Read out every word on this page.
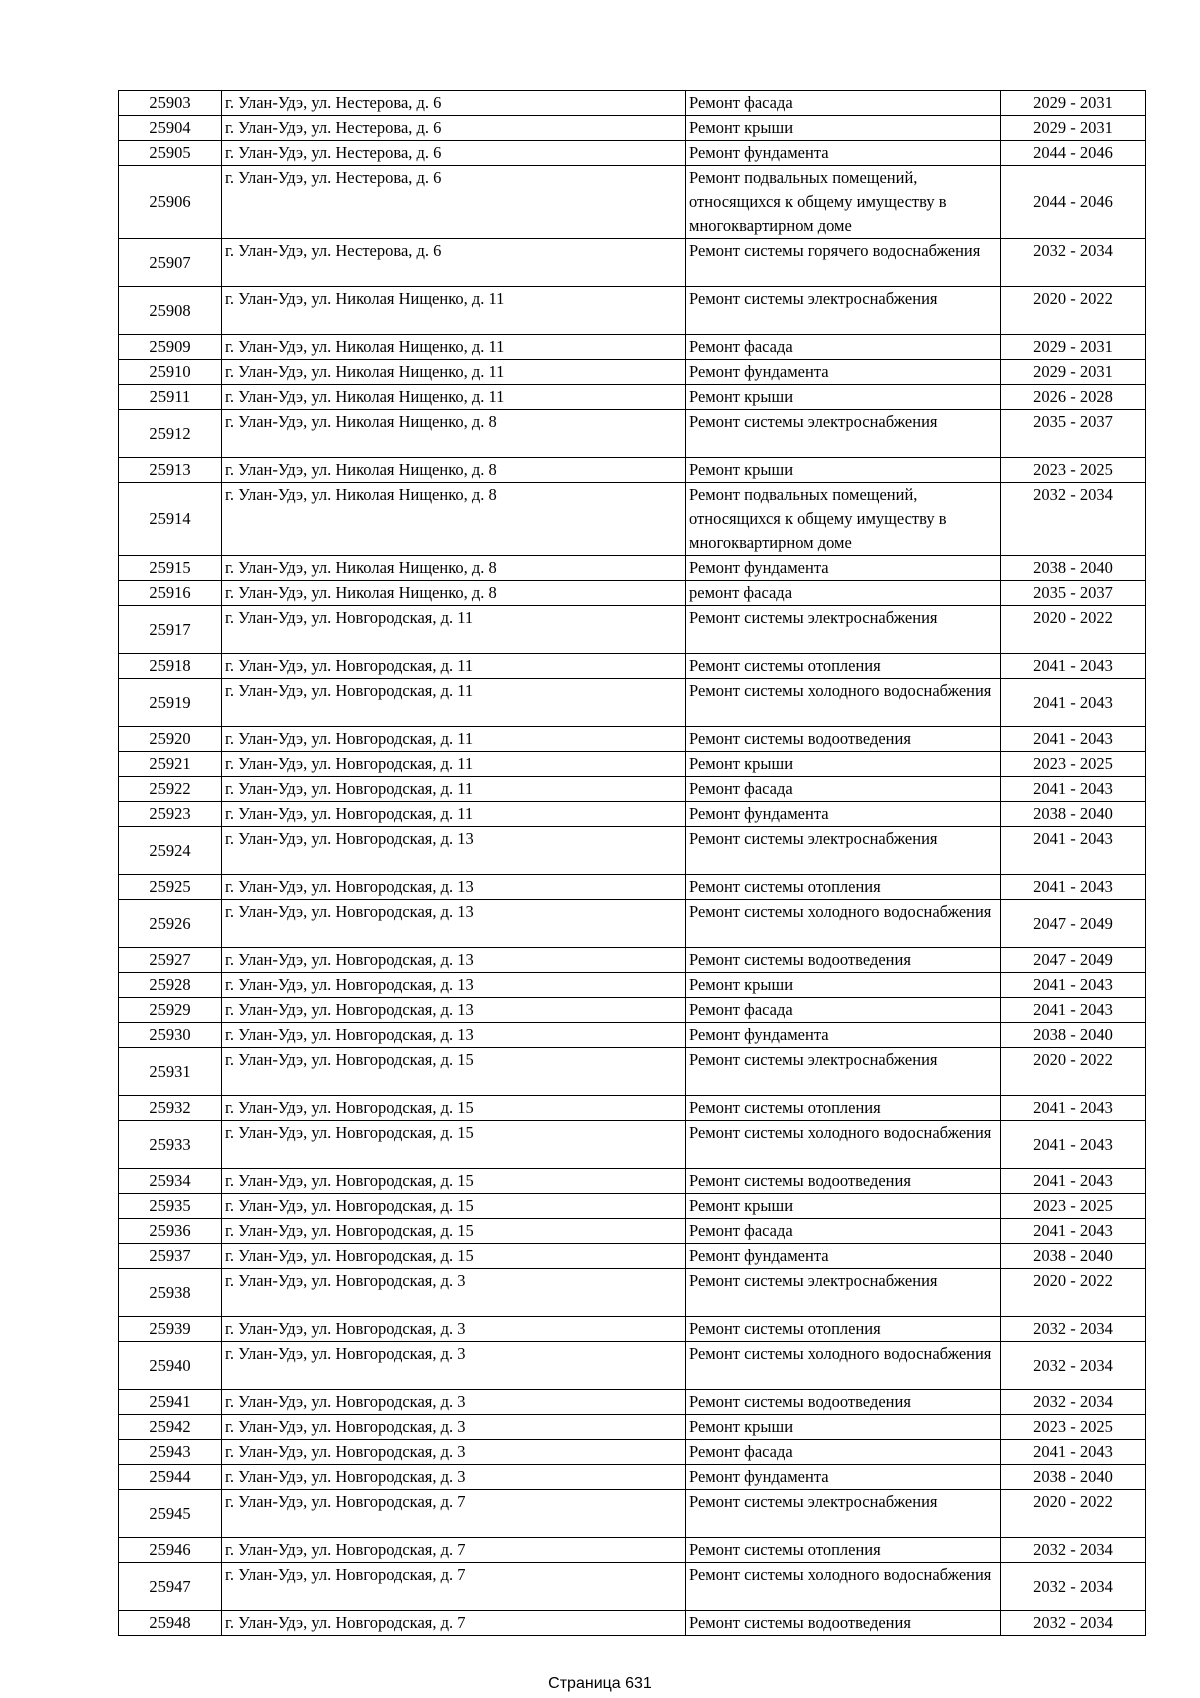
25903	г. Улан-Удэ, ул. Нестерова, д. 6	Ремонт фасада	2029 - 2031
25904	г. Улан-Удэ, ул. Нестерова, д. 6	Ремонт крыши	2029 - 2031
25905	г. Улан-Удэ, ул. Нестерова, д. 6	Ремонт фундамента	2044 - 2046
25906	г. Улан-Удэ, ул. Нестерова, д. 6	Ремонт подвальных помещений, относящихся к общему имуществу в многоквартирном доме	2044 - 2046
25907	г. Улан-Удэ, ул. Нестерова, д. 6	Ремонт системы горячего водоснабжения	2032 - 2034
25908	г. Улан-Удэ, ул. Николая Нищенко, д. 11	Ремонт системы электроснабжения	2020 - 2022
25909	г. Улан-Удэ, ул. Николая Нищенко, д. 11	Ремонт фасада	2029 - 2031
25910	г. Улан-Удэ, ул. Николая Нищенко, д. 11	Ремонт фундамента	2029 - 2031
25911	г. Улан-Удэ, ул. Николая Нищенко, д. 11	Ремонт крыши	2026 - 2028
25912	г. Улан-Удэ, ул. Николая Нищенко, д. 8	Ремонт системы электроснабжения	2035 - 2037
25913	г. Улан-Удэ, ул. Николая Нищенко, д. 8	Ремонт крыши	2023 - 2025
25914	г. Улан-Удэ, ул. Николая Нищенко, д. 8	Ремонт подвальных помещений, относящихся к общему имуществу в многоквартирном доме	2032 - 2034
25915	г. Улан-Удэ, ул. Николая Нищенко, д. 8	Ремонт фундамента	2038 - 2040
25916	г. Улан-Удэ, ул. Николая Нищенко, д. 8	ремонт фасада	2035 - 2037
25917	г. Улан-Удэ, ул. Новгородская, д. 11	Ремонт системы электроснабжения	2020 - 2022
25918	г. Улан-Удэ, ул. Новгородская, д. 11	Ремонт системы отопления	2041 - 2043
25919	г. Улан-Удэ, ул. Новгородская, д. 11	Ремонт системы холодного водоснабжения	2041 - 2043
25920	г. Улан-Удэ, ул. Новгородская, д. 11	Ремонт системы водоотведения	2041 - 2043
25921	г. Улан-Удэ, ул. Новгородская, д. 11	Ремонт крыши	2023 - 2025
25922	г. Улан-Удэ, ул. Новгородская, д. 11	Ремонт фасада	2041 - 2043
25923	г. Улан-Удэ, ул. Новгородская, д. 11	Ремонт фундамента	2038 - 2040
25924	г. Улан-Удэ, ул. Новгородская, д. 13	Ремонт системы электроснабжения	2041 - 2043
25925	г. Улан-Удэ, ул. Новгородская, д. 13	Ремонт системы отопления	2041 - 2043
25926	г. Улан-Удэ, ул. Новгородская, д. 13	Ремонт системы холодного водоснабжения	2047 - 2049
25927	г. Улан-Удэ, ул. Новгородская, д. 13	Ремонт системы водоотведения	2047 - 2049
25928	г. Улан-Удэ, ул. Новгородская, д. 13	Ремонт крыши	2041 - 2043
25929	г. Улан-Удэ, ул. Новгородская, д. 13	Ремонт фасада	2041 - 2043
25930	г. Улан-Удэ, ул. Новгородская, д. 13	Ремонт фундамента	2038 - 2040
25931	г. Улан-Удэ, ул. Новгородская, д. 15	Ремонт системы электроснабжения	2020 - 2022
25932	г. Улан-Удэ, ул. Новгородская, д. 15	Ремонт системы отопления	2041 - 2043
25933	г. Улан-Удэ, ул. Новгородская, д. 15	Ремонт системы холодного водоснабжения	2041 - 2043
25934	г. Улан-Удэ, ул. Новгородская, д. 15	Ремонт системы водоотведения	2041 - 2043
25935	г. Улан-Удэ, ул. Новгородская, д. 15	Ремонт крыши	2023 - 2025
25936	г. Улан-Удэ, ул. Новгородская, д. 15	Ремонт фасада	2041 - 2043
25937	г. Улан-Удэ, ул. Новгородская, д. 15	Ремонт фундамента	2038 - 2040
25938	г. Улан-Удэ, ул. Новгородская, д. 3	Ремонт системы электроснабжения	2020 - 2022
25939	г. Улан-Удэ, ул. Новгородская, д. 3	Ремонт системы отопления	2032 - 2034
25940	г. Улан-Удэ, ул. Новгородская, д. 3	Ремонт системы холодного водоснабжения	2032 - 2034
25941	г. Улан-Удэ, ул. Новгородская, д. 3	Ремонт системы водоотведения	2032 - 2034
25942	г. Улан-Удэ, ул. Новгородская, д. 3	Ремонт крыши	2023 - 2025
25943	г. Улан-Удэ, ул. Новгородская, д. 3	Ремонт фасада	2041 - 2043
25944	г. Улан-Удэ, ул. Новгородская, д. 3	Ремонт фундамента	2038 - 2040
25945	г. Улан-Удэ, ул. Новгородская, д. 7	Ремонт системы электроснабжения	2020 - 2022
25946	г. Улан-Удэ, ул. Новгородская, д. 7	Ремонт системы отопления	2032 - 2034
25947	г. Улан-Удэ, ул. Новгородская, д. 7	Ремонт системы холодного водоснабжения	2032 - 2034
25948	г. Улан-Удэ, ул. Новгородская, д. 7	Ремонт системы водоотведения	2032 - 2034
Страница 631
